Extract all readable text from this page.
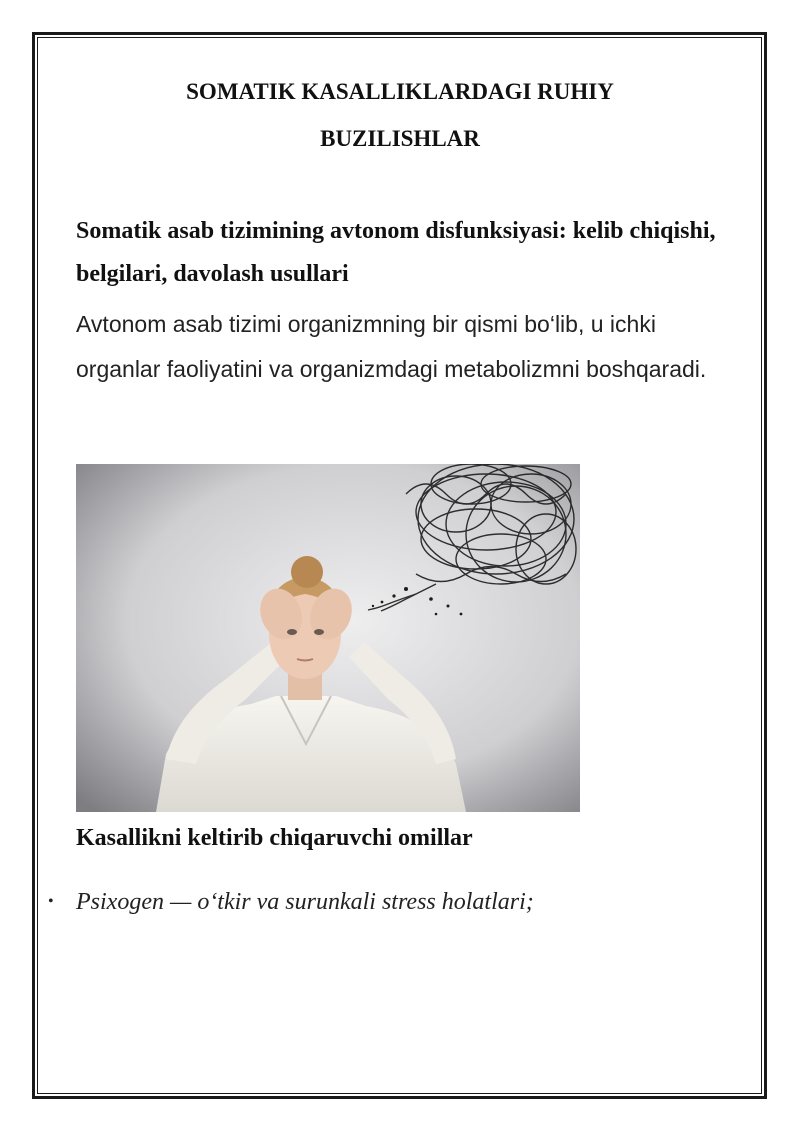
SOMATIK KASALLIKLARDAGI RUHIY
BUZILISHLAR
Somatik asab tizimining avtonom disfunksiyasi: kelib chiqishi, belgilari, davolash usullari

Avtonom asab tizimi organizmning bir qismi bo‘lib, u ichki organlar faoliyatini va organizmdagi metabolizmni boshqaradi.

Kasallikni keltirib chiqaruvchi omillar
• Psixogen — o‘tkir va surunkali stress holatlari;
